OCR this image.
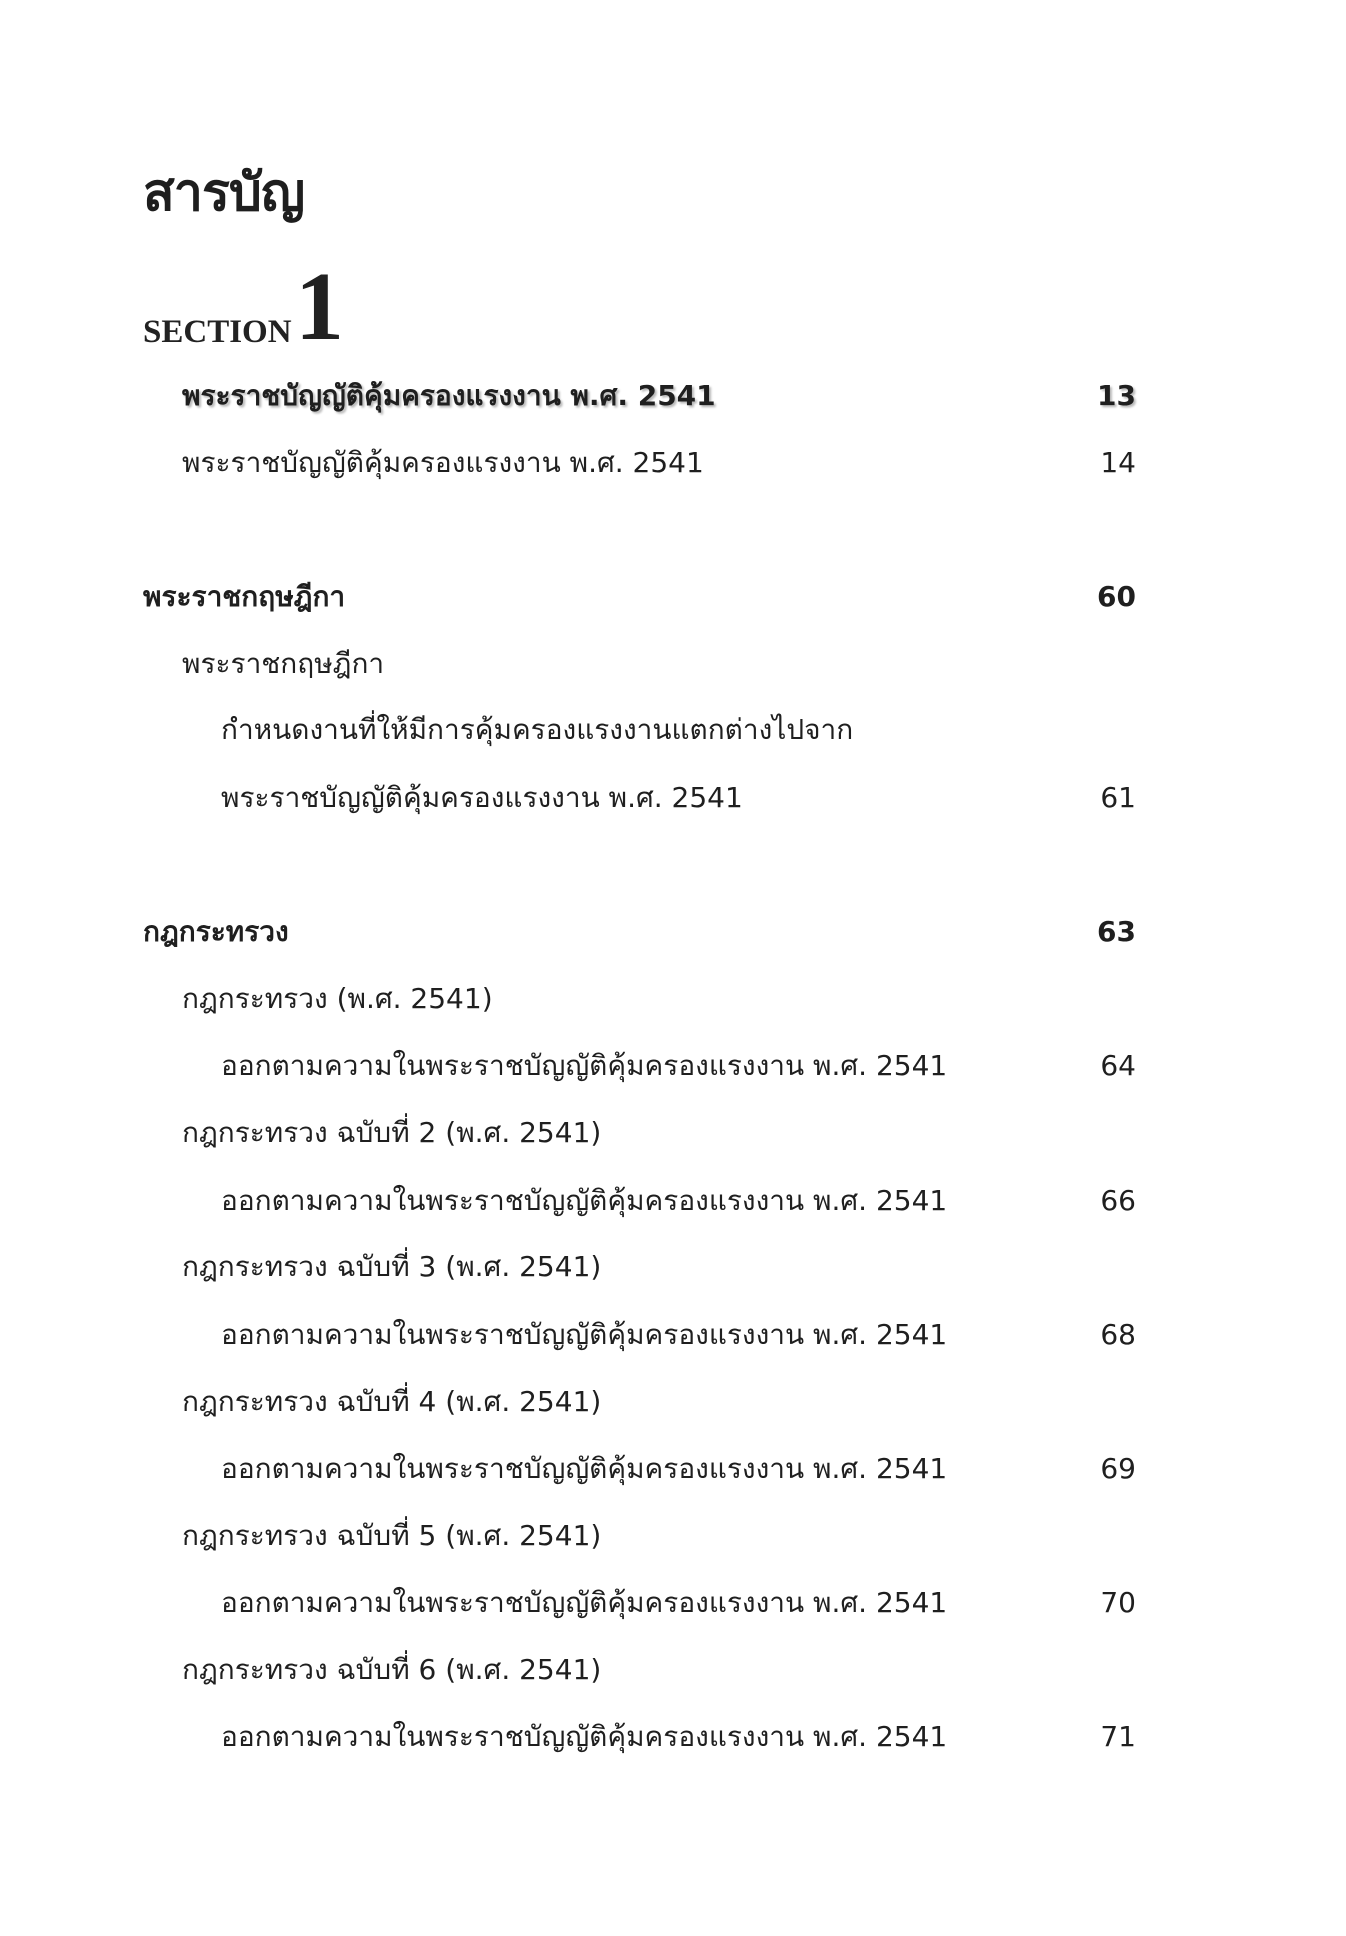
สารบัญ
SECTION 1
พระราชบัญญัติคุ้มครองแรงงาน พ.ศ. 2541	13
พระราชบัญญัติคุ้มครองแรงงาน พ.ศ. 2541	14
พระราชกฤษฎีกา	60
พระราชกฤษฎีกา
กำหนดงานที่ให้มีการคุ้มครองแรงงานแตกต่างไปจาก
พระราชบัญญัติคุ้มครองแรงงาน พ.ศ. 2541	61
กฎกระทรวง	63
กฎกระทรวง (พ.ศ. 2541)
ออกตามความในพระราชบัญญัติคุ้มครองแรงงาน พ.ศ. 2541	64
กฎกระทรวง ฉบับที่ 2 (พ.ศ. 2541)
ออกตามความในพระราชบัญญัติคุ้มครองแรงงาน พ.ศ. 2541	66
กฎกระทรวง ฉบับที่ 3 (พ.ศ. 2541)
ออกตามความในพระราชบัญญัติคุ้มครองแรงงาน พ.ศ. 2541	68
กฎกระทรวง ฉบับที่ 4 (พ.ศ. 2541)
ออกตามความในพระราชบัญญัติคุ้มครองแรงงาน พ.ศ. 2541	69
กฎกระทรวง ฉบับที่ 5 (พ.ศ. 2541)
ออกตามความในพระราชบัญญัติคุ้มครองแรงงาน พ.ศ. 2541	70
กฎกระทรวง ฉบับที่ 6 (พ.ศ. 2541)
ออกตามความในพระราชบัญญัติคุ้มครองแรงงาน พ.ศ. 2541	71
